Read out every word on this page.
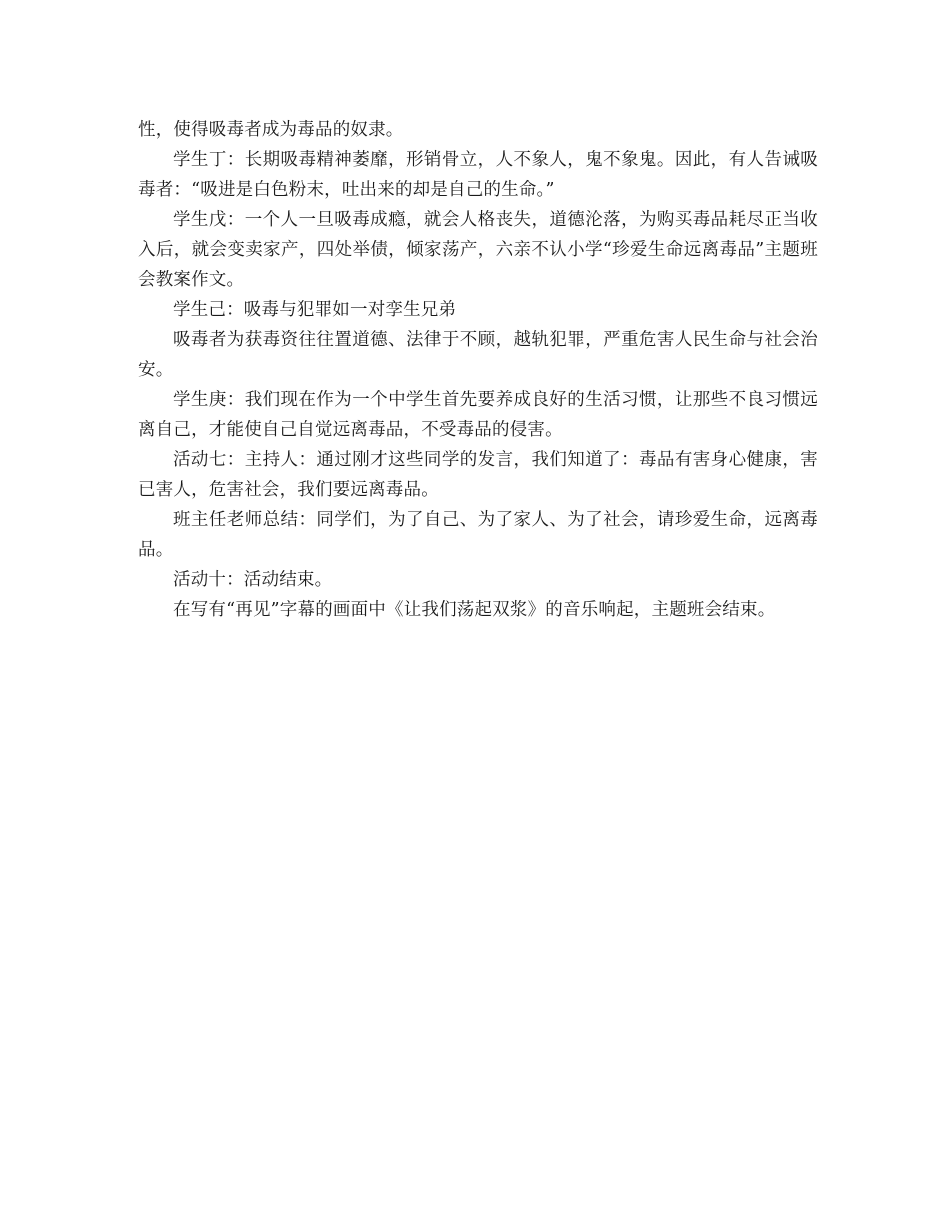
性，使得吸毒者成为毒品的奴隶。

学生丁：长期吸毒精神萎靡，形销骨立，人不象人，鬼不象鬼。因此，有人告诫吸毒者：“吸进是白色粉末，吐出来的却是自己的生命。”

学生戊：一个人一旦吸毒成瘾，就会人格丧失，道德沦落，为购买毒品耗尽正当收入后，就会变卖家产，四处举债，倾家荡产，六亲不认小学“珍爱生命远离毒品”主题班会教案作文。

学生己：吸毒与犯罪如一对孪生兄弟

吸毒者为获毒资往往置道德、法律于不顾，越轨犯罪，严重危害人民生命与社会治安。

学生庚：我们现在作为一个中学生首先要养成良好的生活习惯，让那些不良习惯远离自己，才能使自己自觉远离毒品，不受毒品的侵害。

活动七：主持人：通过刚才这些同学的发言，我们知道了：毒品有害身心健康，害已害人，危害社会，我们要远离毒品。

班主任老师总结：同学们，为了自己、为了家人、为了社会，请珍爱生命，远离毒品。

活动十：活动结束。

在写有“再见”字幕的画面中《让我们荡起双浆》的音乐响起，主题班会结束。
